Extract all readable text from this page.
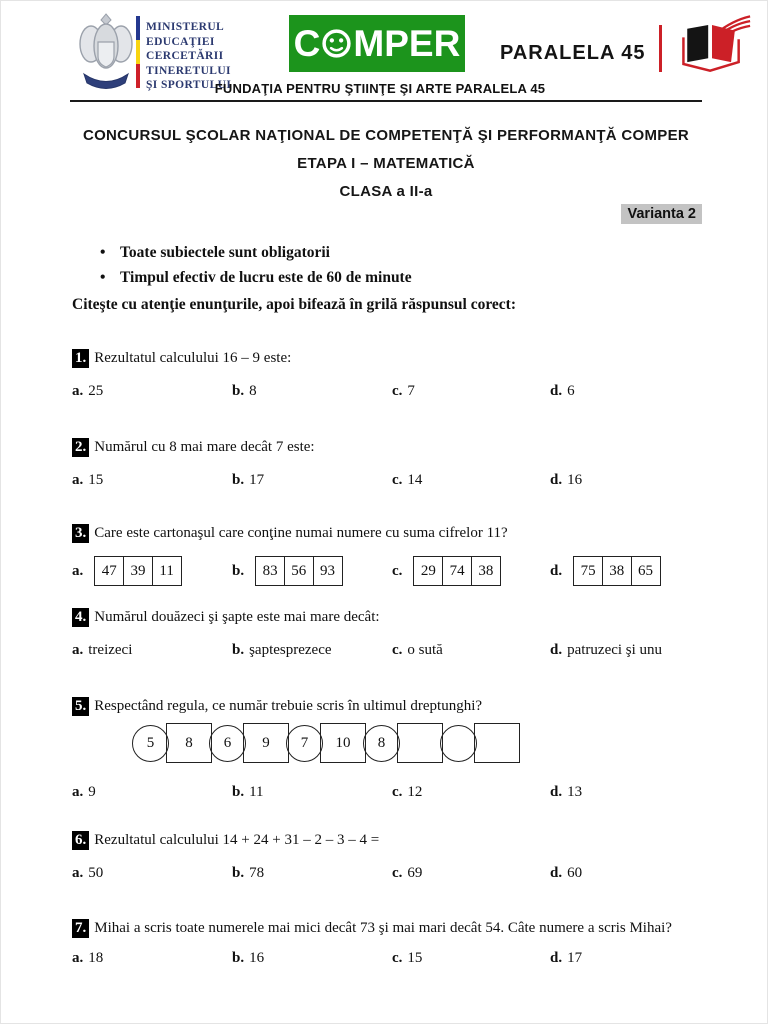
MINISTERUL
EDUCAŢIEI
CERCETĂRII
TINERETULUI
ŞI SPORTULUI
C MPER
FUNDAŢIA PENTRU ŞTIINŢE ŞI ARTE PARALELA 45
PARALELA 45
CONCURSUL ŞCOLAR NAŢIONAL DE COMPETENŢĂ ŞI PERFORMANŢĂ COMPER
ETAPA I – MATEMATICĂ
CLASA a II-a
Varianta 2
• Toate subiectele sunt obligatorii
• Timpul efectiv de lucru este de 60 de minute
Citeşte cu atenţie enunţurile, apoi bifează în grilă răspunsul corect:

1. Rezultatul calculului 16 – 9 este:

a. 25	b. 8	c. 7	d. 6

2. Numărul cu 8 mai mare decât 7 este:

a. 15	b. 17	c. 14	d. 16

3. Care este cartonaşul care conţine numai numere cu suma cifrelor 11?

a.	47 39 11	b.	83 56 93	c.	29 74 38	d.	75 38 65

4. Numărul douăzeci şi şapte este mai mare decât:

a. treizeci	b. şaptesprezece	c. o sută	d. patruzeci şi unu

5. Respectând regula, ce număr trebuie scris în ultimul dreptunghi?

5	8	6	9	7	10	8
a. 9	b. 11	c. 12	d. 13

6. Rezultatul calculului 14 + 24 + 31 – 2 – 3 – 4 =

a. 50	b. 78	c. 69	d. 60

7. Mihai a scris toate numerele mai mici decât 73 şi mai mari decât 54. Câte numere a scris Mihai?

a. 18	b. 16	c. 15	d. 17
